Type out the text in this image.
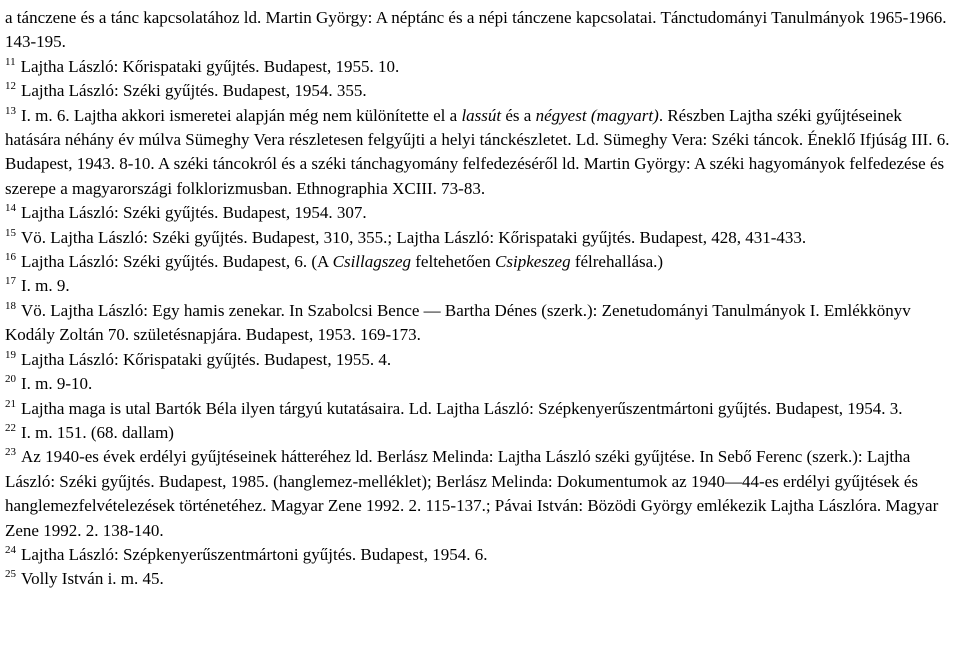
a tánczene és a tánc kapcsolatához ld. Martin György: A néptánc és a népi tánczene kapcsolatai. Tánctudományi Tanulmányok 1965-1966. 143-195.

$^{11}$ Lajtha László: Kőrispataki gyűjtés. Budapest, 1955. 10.

$^{12}$ Lajtha László: Széki gyűjtés. Budapest, 1954. 355.

$^{13}$ I. m. 6. Lajtha akkori ismeretei alapján még nem különítette el a lassút és a négyest (magyart). Részben Lajtha széki gyűjtéseinek hatására néhány év múlva Sümeghy Vera részletesen felgyűjti a helyi tánckészletet. Ld. Sümeghy Vera: Széki táncok. Éneklő Ifjúság III. 6. Budapest, 1943. 8-10. A széki táncokról és a széki tánchagyomány felfedezéséről ld. Martin György: A széki hagyományok felfedezése és szerepe a magyarországi folklorizmusban. Ethnographia XCIII. 73-83.

$^{14}$ Lajtha László: Széki gyűjtés. Budapest, 1954. 307.

$^{15}$ Vö. Lajtha László: Széki gyűjtés. Budapest, 310, 355.; Lajtha László: Kőrispataki gyűjtés. Budapest, 428, 431-433.

$^{16}$ Lajtha László: Széki gyűjtés. Budapest, 6. (A Csillagszeg feltehetően Csipkeszeg félrehallása.)

$^{17}$ I. m. 9.

$^{18}$ Vö. Lajtha László: Egy hamis zenekar. In Szabolcsi Bence — Bartha Dénes (szerk.): Zenetudományi Tanulmányok I. Emlékkönyv Kodály Zoltán 70. születésnapjára. Budapest, 1953. 169-173.

$^{19}$ Lajtha László: Kőrispataki gyűjtés. Budapest, 1955. 4.

$^{20}$ I. m. 9-10.

$^{21}$ Lajtha maga is utal Bartók Béla ilyen tárgyú kutatásaira. Ld. Lajtha László: Szépkenyerűszentmártoni gyűjtés. Budapest, 1954. 3.

$^{22}$ I. m. 151. (68. dallam)

$^{23}$ Az 1940-es évek erdélyi gyűjtéseinek hátteréhez ld. Berlász Melinda: Lajtha László széki gyűjtése. In Sebő Ferenc (szerk.): Lajtha László: Széki gyűjtés. Budapest, 1985. (hanglemez-melléklet); Berlász Melinda: Dokumentumok az 1940—44-es erdélyi gyűjtések és hanglemezfelvételezések történetéhez. Magyar Zene 1992. 2. 115-137.; Pávai István: Bözödi György emlékezik Lajtha Lászlóra. Magyar Zene 1992. 2. 138-140.

$^{24}$ Lajtha László: Szépkenyerűszentmártoni gyűjtés. Budapest, 1954. 6.

$^{25}$ Volly István i. m. 45.
